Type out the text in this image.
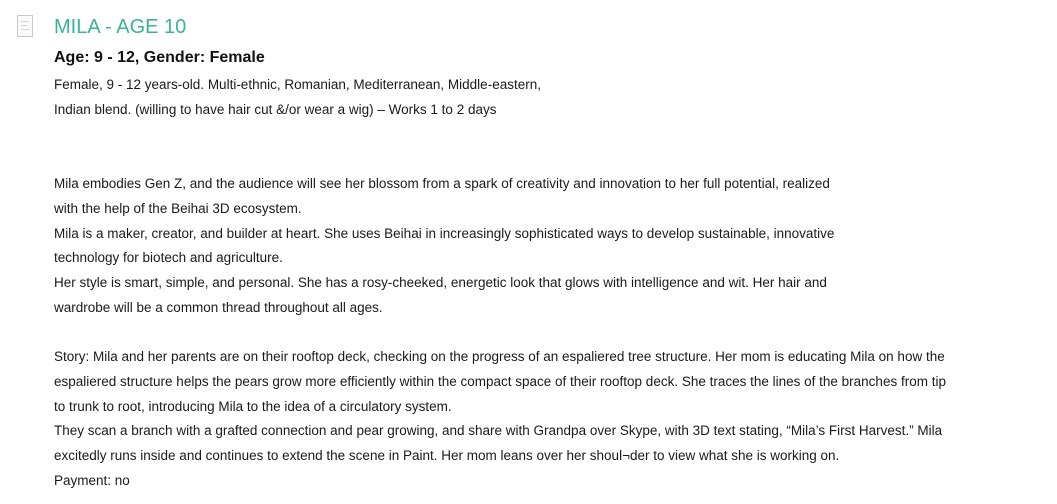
MILA - AGE 10
Age: 9 - 12, Gender: Female
Female, 9 - 12 years-old. Multi-ethnic, Romanian, Mediterranean, Middle-eastern,
Indian blend. (willing to have hair cut &/or wear a wig) – Works 1 to 2 days
Mila embodies Gen Z, and the audience will see her blossom from a spark of creativity and innovation to her full potential, realized
with the help of the Beihai 3D ecosystem.
Mila is a maker, creator, and builder at heart. She uses Beihai in increasingly sophisticated ways to develop sustainable, innovative
technology for biotech and agriculture.
Her style is smart, simple, and personal. She has a rosy-cheeked, energetic look that glows with intelligence and wit. Her hair and
wardrobe will be a common thread throughout all ages.
Story: Mila and her parents are on their rooftop deck, checking on the progress of an espaliered tree structure. Her mom is educating Mila on how the
espaliered structure helps the pears grow more efficiently within the compact space of their rooftop deck. She traces the lines of the branches from tip
to trunk to root, introducing Mila to the idea of a circulatory system.
They scan a branch with a grafted connection and pear growing, and share with Grandpa over Skype, with 3D text stating, “Mila’s First Harvest.” Mila
excitedly runs inside and continues to extend the scene in Paint. Her mom leans over her shoul¬der to view what she is working on.
Payment: no
